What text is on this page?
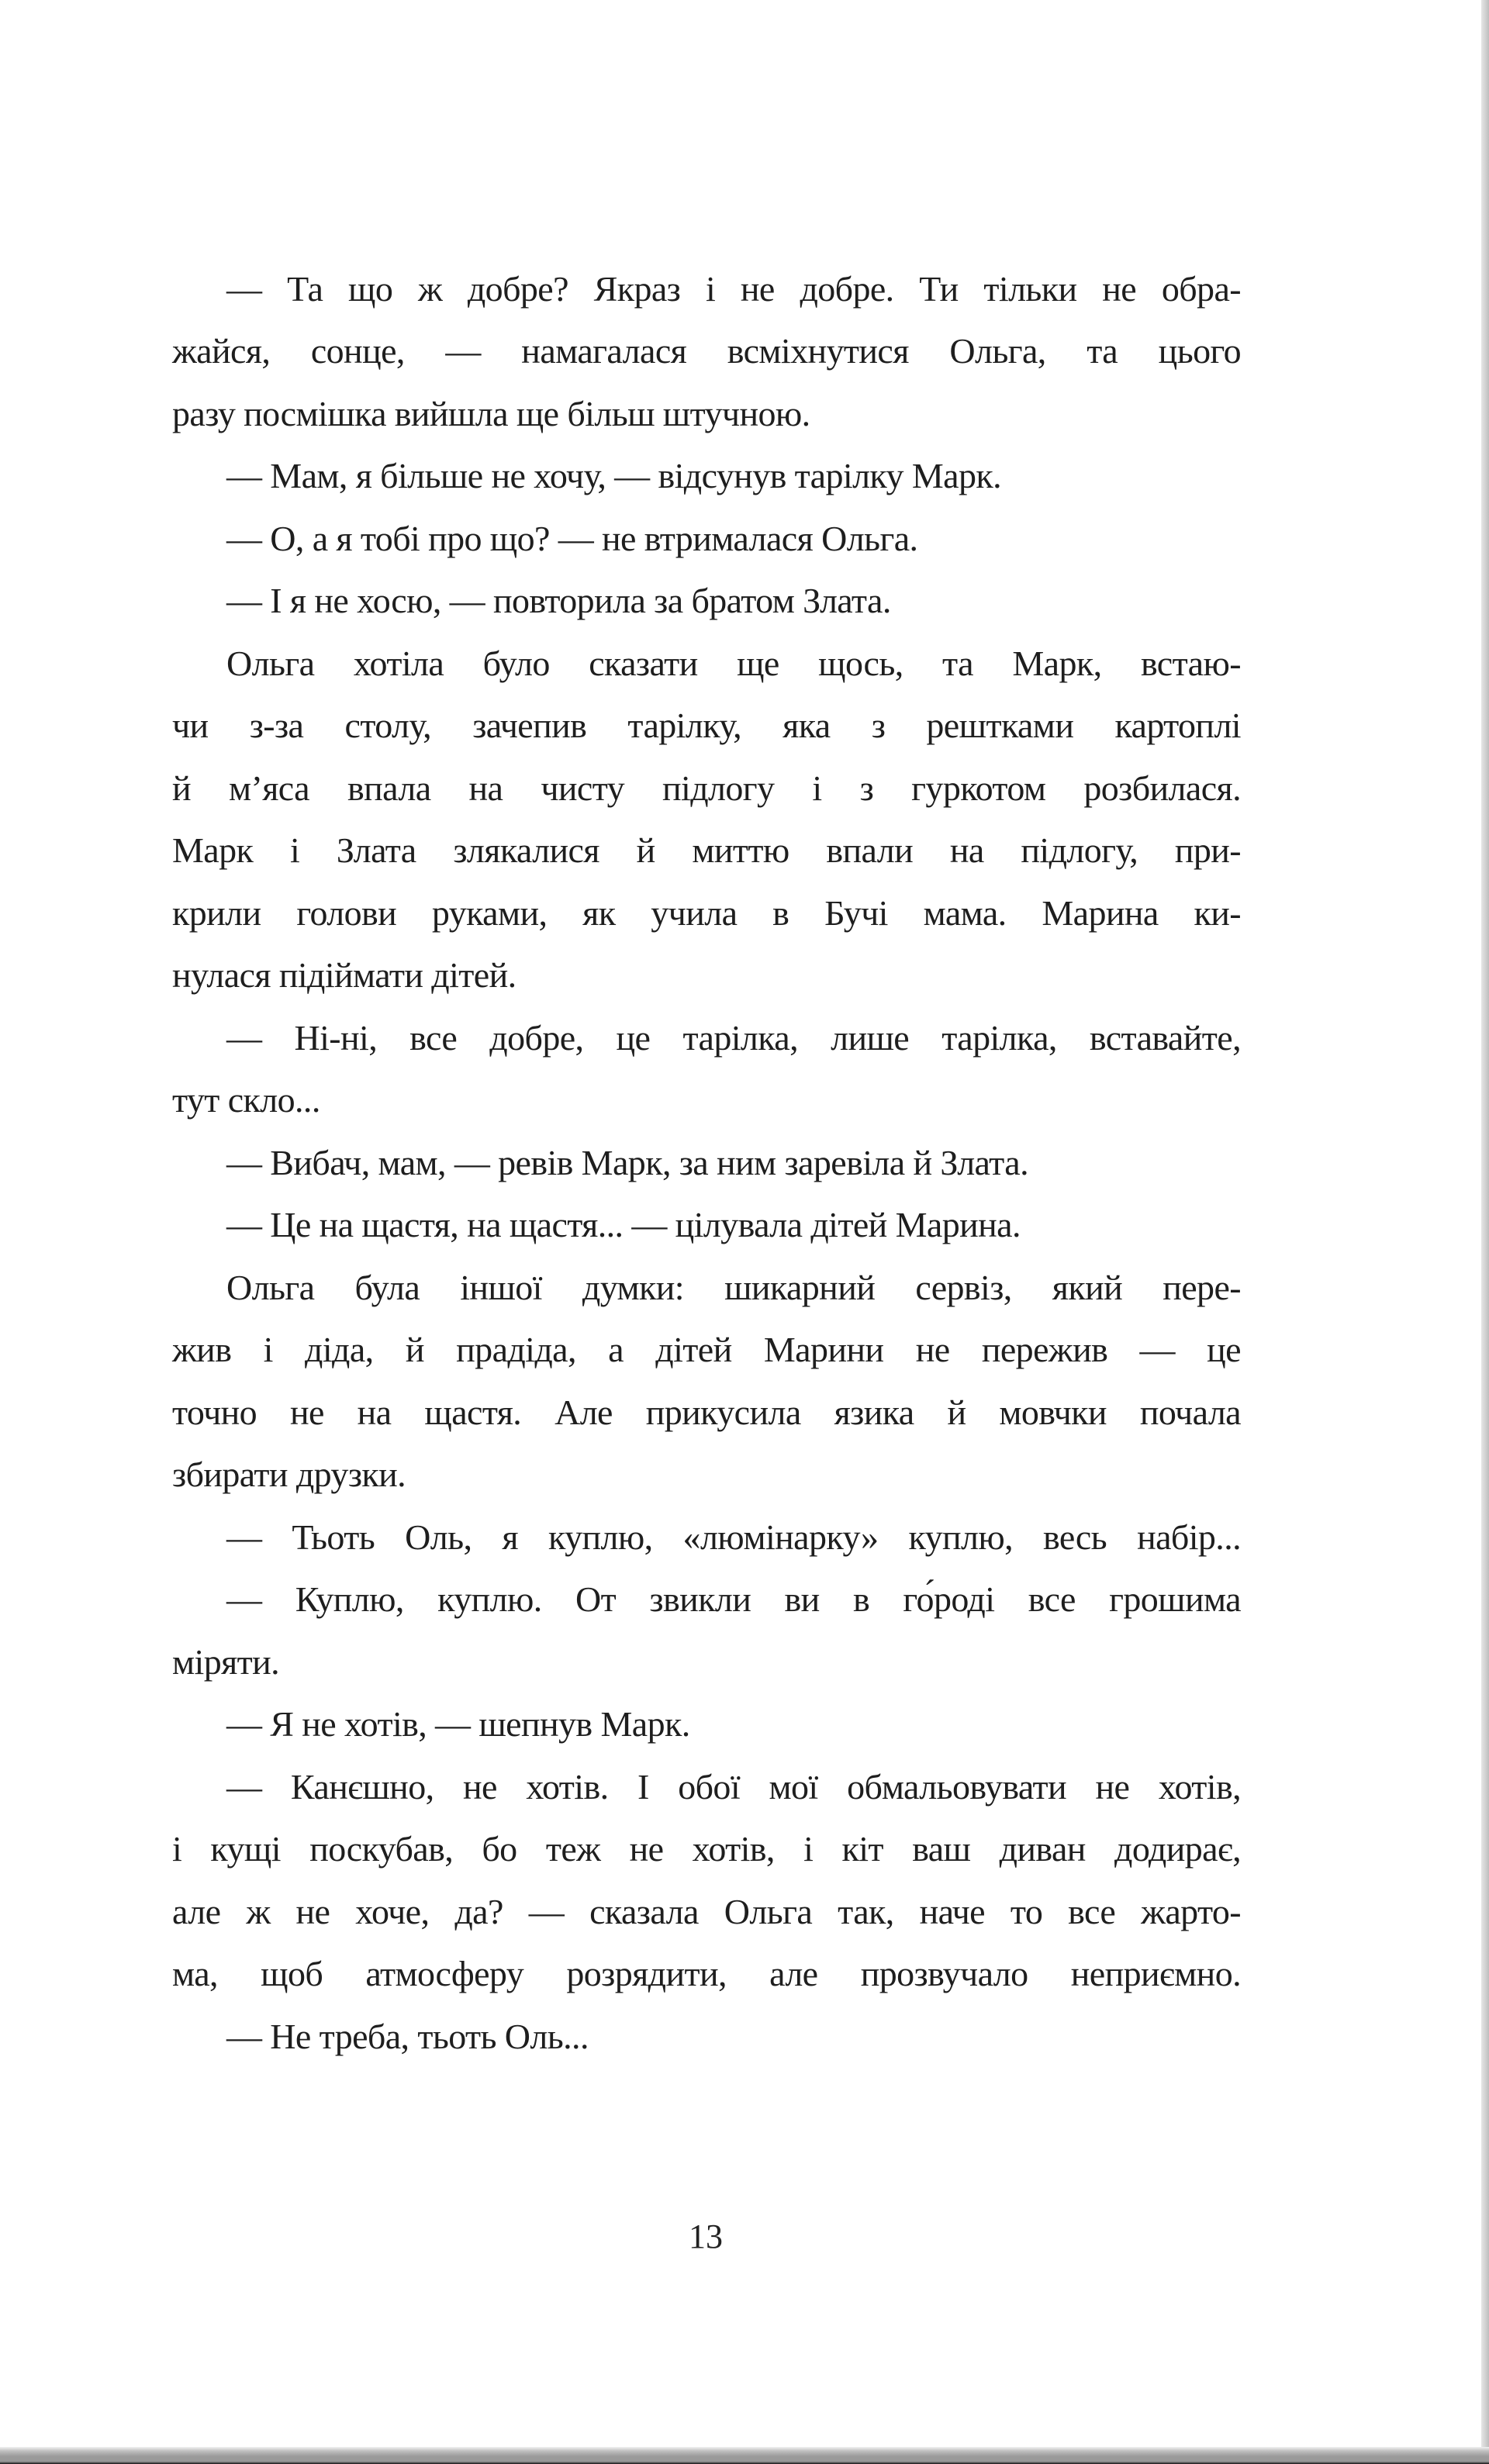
— Та що ж добре? Якраз і не добре. Ти тільки не обра-
жайся, сонце, — намагалася всміхнутися Ольга, та цього
разу посмішка вийшла ще більш штучною.
— Мам, я більше не хочу, — відсунув тарілку Марк.
— О, а я тобі про що? — не втрималася Ольга.
— І я не хосю, — повторила за братом Злата.
Ольга хотіла було сказати ще щось, та Марк, встаю-
чи з-за столу, зачепив тарілку, яка з рештками картоплі
й м’яса впала на чисту підлогу і з гуркотом розбилася.
Марк і Злата злякалися й миттю впали на підлогу, при-
крили голови руками, як учила в Бучі мама. Марина ки-
нулася підіймати дітей.
— Ні-ні, все добре, це тарілка, лише тарілка, вставайте,
тут скло...
— Вибач, мам, — ревів Марк, за ним заревіла й Злата.
— Це на щастя, на щастя... — цілувала дітей Марина.
Ольга була іншої думки: шикарний сервіз, який пере-
жив і діда, й прадіда, а дітей Марини не пережив — це
точно не на щастя. Але прикусила язика й мовчки почала
збирати друзки.
— Тьоть Оль, я куплю, «люмінарку» куплю, весь набір...
— Куплю, куплю. От звикли ви в го́роді все грошима
міряти.
— Я не хотів, — шепнув Марк.
— Канєшно, не хотів. І обої мої обмальовувати не хотів,
і кущі поскубав, бо теж не хотів, і кіт ваш диван додирає,
але ж не хоче, да? — сказала Ольга так, наче то все жарто-
ма, щоб атмосферу розрядити, але прозвучало неприємно.
— Не треба, тьоть Оль...
13
